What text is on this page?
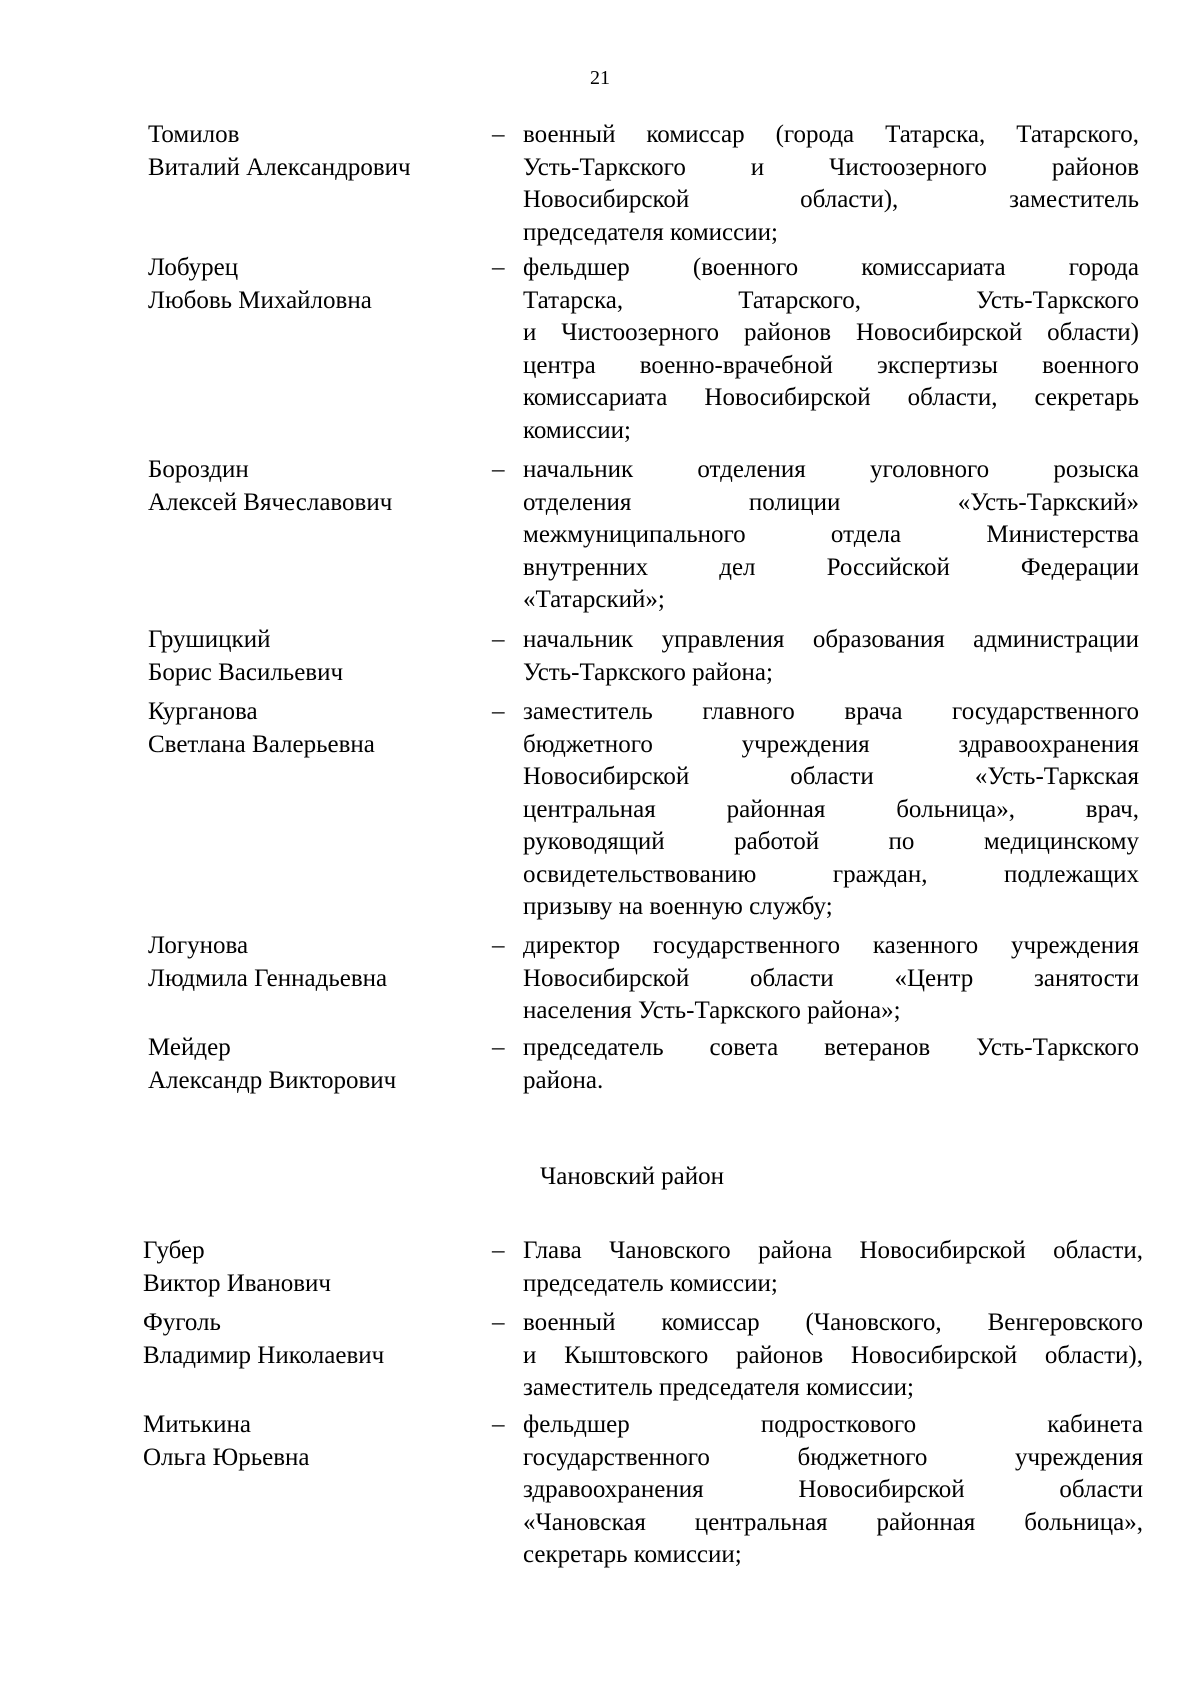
21
Томилов
Виталий Александрович
– военный комиссар (города Татарска, Татарского,
Усть-Таркского и Чистоозерного районов
Новосибирской области), заместитель
председателя комиссии;
Лобурец
Любовь Михайловна
– фельдшер (военного комиссариата города
Татарска, Татарского, Усть-Таркского
и Чистоозерного районов Новосибирской области)
центра военно-врачебной экспертизы военного
комиссариата Новосибирской области, секретарь
комиссии;
Бороздин
Алексей Вячеславович
– начальник отделения уголовного розыска
отделения полиции «Усть-Таркский»
межмуниципального отдела Министерства
внутренних дел Российской Федерации
«Татарский»;
Грушицкий
Борис Васильевич
– начальник управления образования администрации
Усть-Таркского района;
Курганова
Светлана Валерьевна
– заместитель главного врача государственного
бюджетного учреждения здравоохранения
Новосибирской области «Усть-Таркская
центральная районная больница», врач,
руководящий работой по медицинскому
освидетельствованию граждан, подлежащих
призыву на военную службу;
Логунова
Людмила Геннадьевна
– директор государственного казенного учреждения
Новосибирской области «Центр занятости
населения Усть-Таркского района»;
Мейдер
Александр Викторович
– председатель совета ветеранов Усть-Таркского
района.
Чановский район
Губер
Виктор Иванович
– Глава Чановского района Новосибирской области,
председатель комиссии;
Фуголь
Владимир Николаевич
– военный комиссар (Чановского, Венгеровского
и Кыштовского районов Новосибирской области),
заместитель председателя комиссии;
Митькина
Ольга Юрьевна
– фельдшер подросткового кабинета
государственного бюджетного учреждения
здравоохранения Новосибирской области
«Чановская центральная районная больница»,
секретарь комиссии;
